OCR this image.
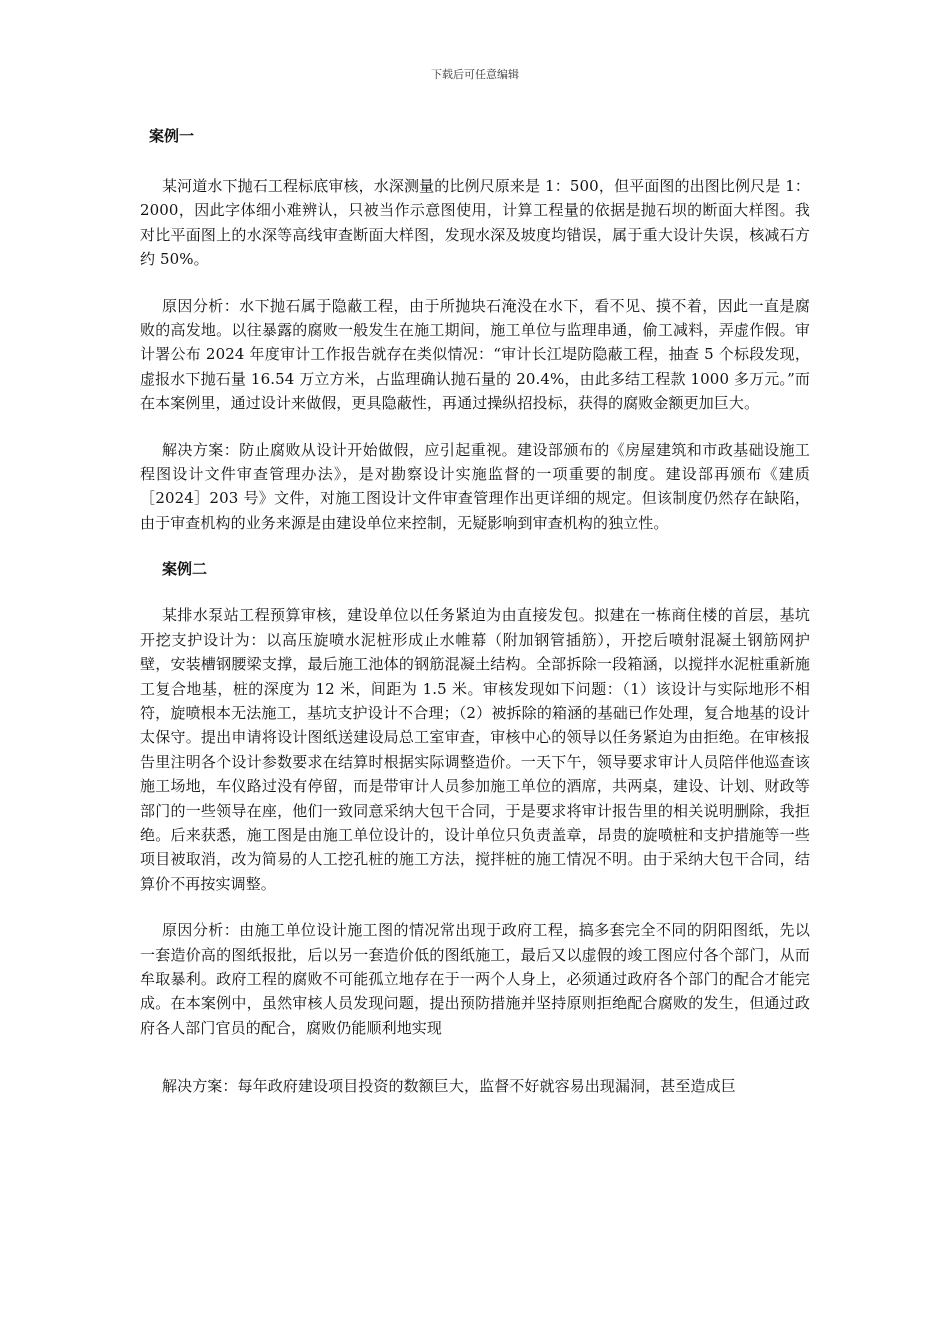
下载后可任意编辑

案例一

某河道水下抛石工程标底审核，水深测量的比例尺原来是 1：500，但平面图的出图比例尺是 1：2000，因此字体细小难辨认，只被当作示意图使用，计算工程量的依据是抛石坝的断面大样图。我对比平面图上的水深等高线审查断面大样图，发现水深及坡度均错误，属于重大设计失误，核减石方约 50%。

原因分析：水下抛石属于隐蔽工程，由于所抛块石淹没在水下，看不见、摸不着，因此一直是腐败的高发地。以往暴露的腐败一般发生在施工期间，施工单位与监理串通，偷工减料，弄虚作假。审计署公布 2024 年度审计工作报告就存在类似情况：“审计长江堤防隐蔽工程，抽查 5 个标段发现，虚报水下抛石量 16.54 万立方米，占监理确认抛石量的 20.4%，由此多结工程款 1000 多万元。”而在本案例里，通过设计来做假，更具隐蔽性，再通过操纵招投标，获得的腐败金额更加巨大。

解决方案：防止腐败从设计开始做假，应引起重视。建设部颁布的《房屋建筑和市政基础设施工程图设计文件审查管理办法》，是对勘察设计实施监督的一项重要的制度。建设部再颁布《建质［2024］203 号》文件，对施工图设计文件审查管理作出更详细的规定。但该制度仍然存在缺陷，由于审查机构的业务来源是由建设单位来控制，无疑影响到审查机构的独立性。

案例二

某排水泵站工程预算审核，建设单位以任务紧迫为由直接发包。拟建在一栋商住楼的首层，基坑开挖支护设计为：以高压旋喷水泥桩形成止水帷幕（附加钢管插筋），开挖后喷射混凝土钢筋网护壁，安装槽钢腰梁支撑，最后施工池体的钢筋混凝土结构。全部拆除一段箱涵，以搅拌水泥桩重新施工复合地基，桩的深度为 12 米，间距为 1.5 米。审核发现如下问题：（1）该设计与实际地形不相符，旋喷根本无法施工，基坑支护设计不合理；（2）被拆除的箱涵的基础已作处理，复合地基的设计太保守。提出申请将设计图纸送建设局总工室审查，审核中心的领导以任务紧迫为由拒绝。在审核报告里注明各个设计参数要求在结算时根据实际调整造价。一天下午，领导要求审计人员陪伴他巡查该施工场地，车仪路过没有停留，而是带审计人员参加施工单位的酒席，共两桌，建设、计划、财政等部门的一些领导在座，他们一致同意采纳大包干合同，于是要求将审计报告里的相关说明删除，我拒绝。后来获悉，施工图是由施工单位设计的，设计单位只负责盖章，昂贵的旋喷桩和支护措施等一些项目被取消，改为简易的人工挖孔桩的施工方法，搅拌桩的施工情况不明。由于采纳大包干合同，结算价不再按实调整。

原因分析：由施工单位设计施工图的情况常出现于政府工程，搞多套完全不同的阴阳图纸，先以一套造价高的图纸报批，后以另一套造价低的图纸施工，最后又以虚假的竣工图应付各个部门，从而牟取暴利。政府工程的腐败不可能孤立地存在于一两个人身上，必须通过政府各个部门的配合才能完成。在本案例中，虽然审核人员发现问题，提出预防措施并坚持原则拒绝配合腐败的发生，但通过政府各人部门官员的配合，腐败仍能顺利地实现

解决方案：每年政府建设项目投资的数额巨大，监督不好就容易出现漏洞，甚至造成巨
